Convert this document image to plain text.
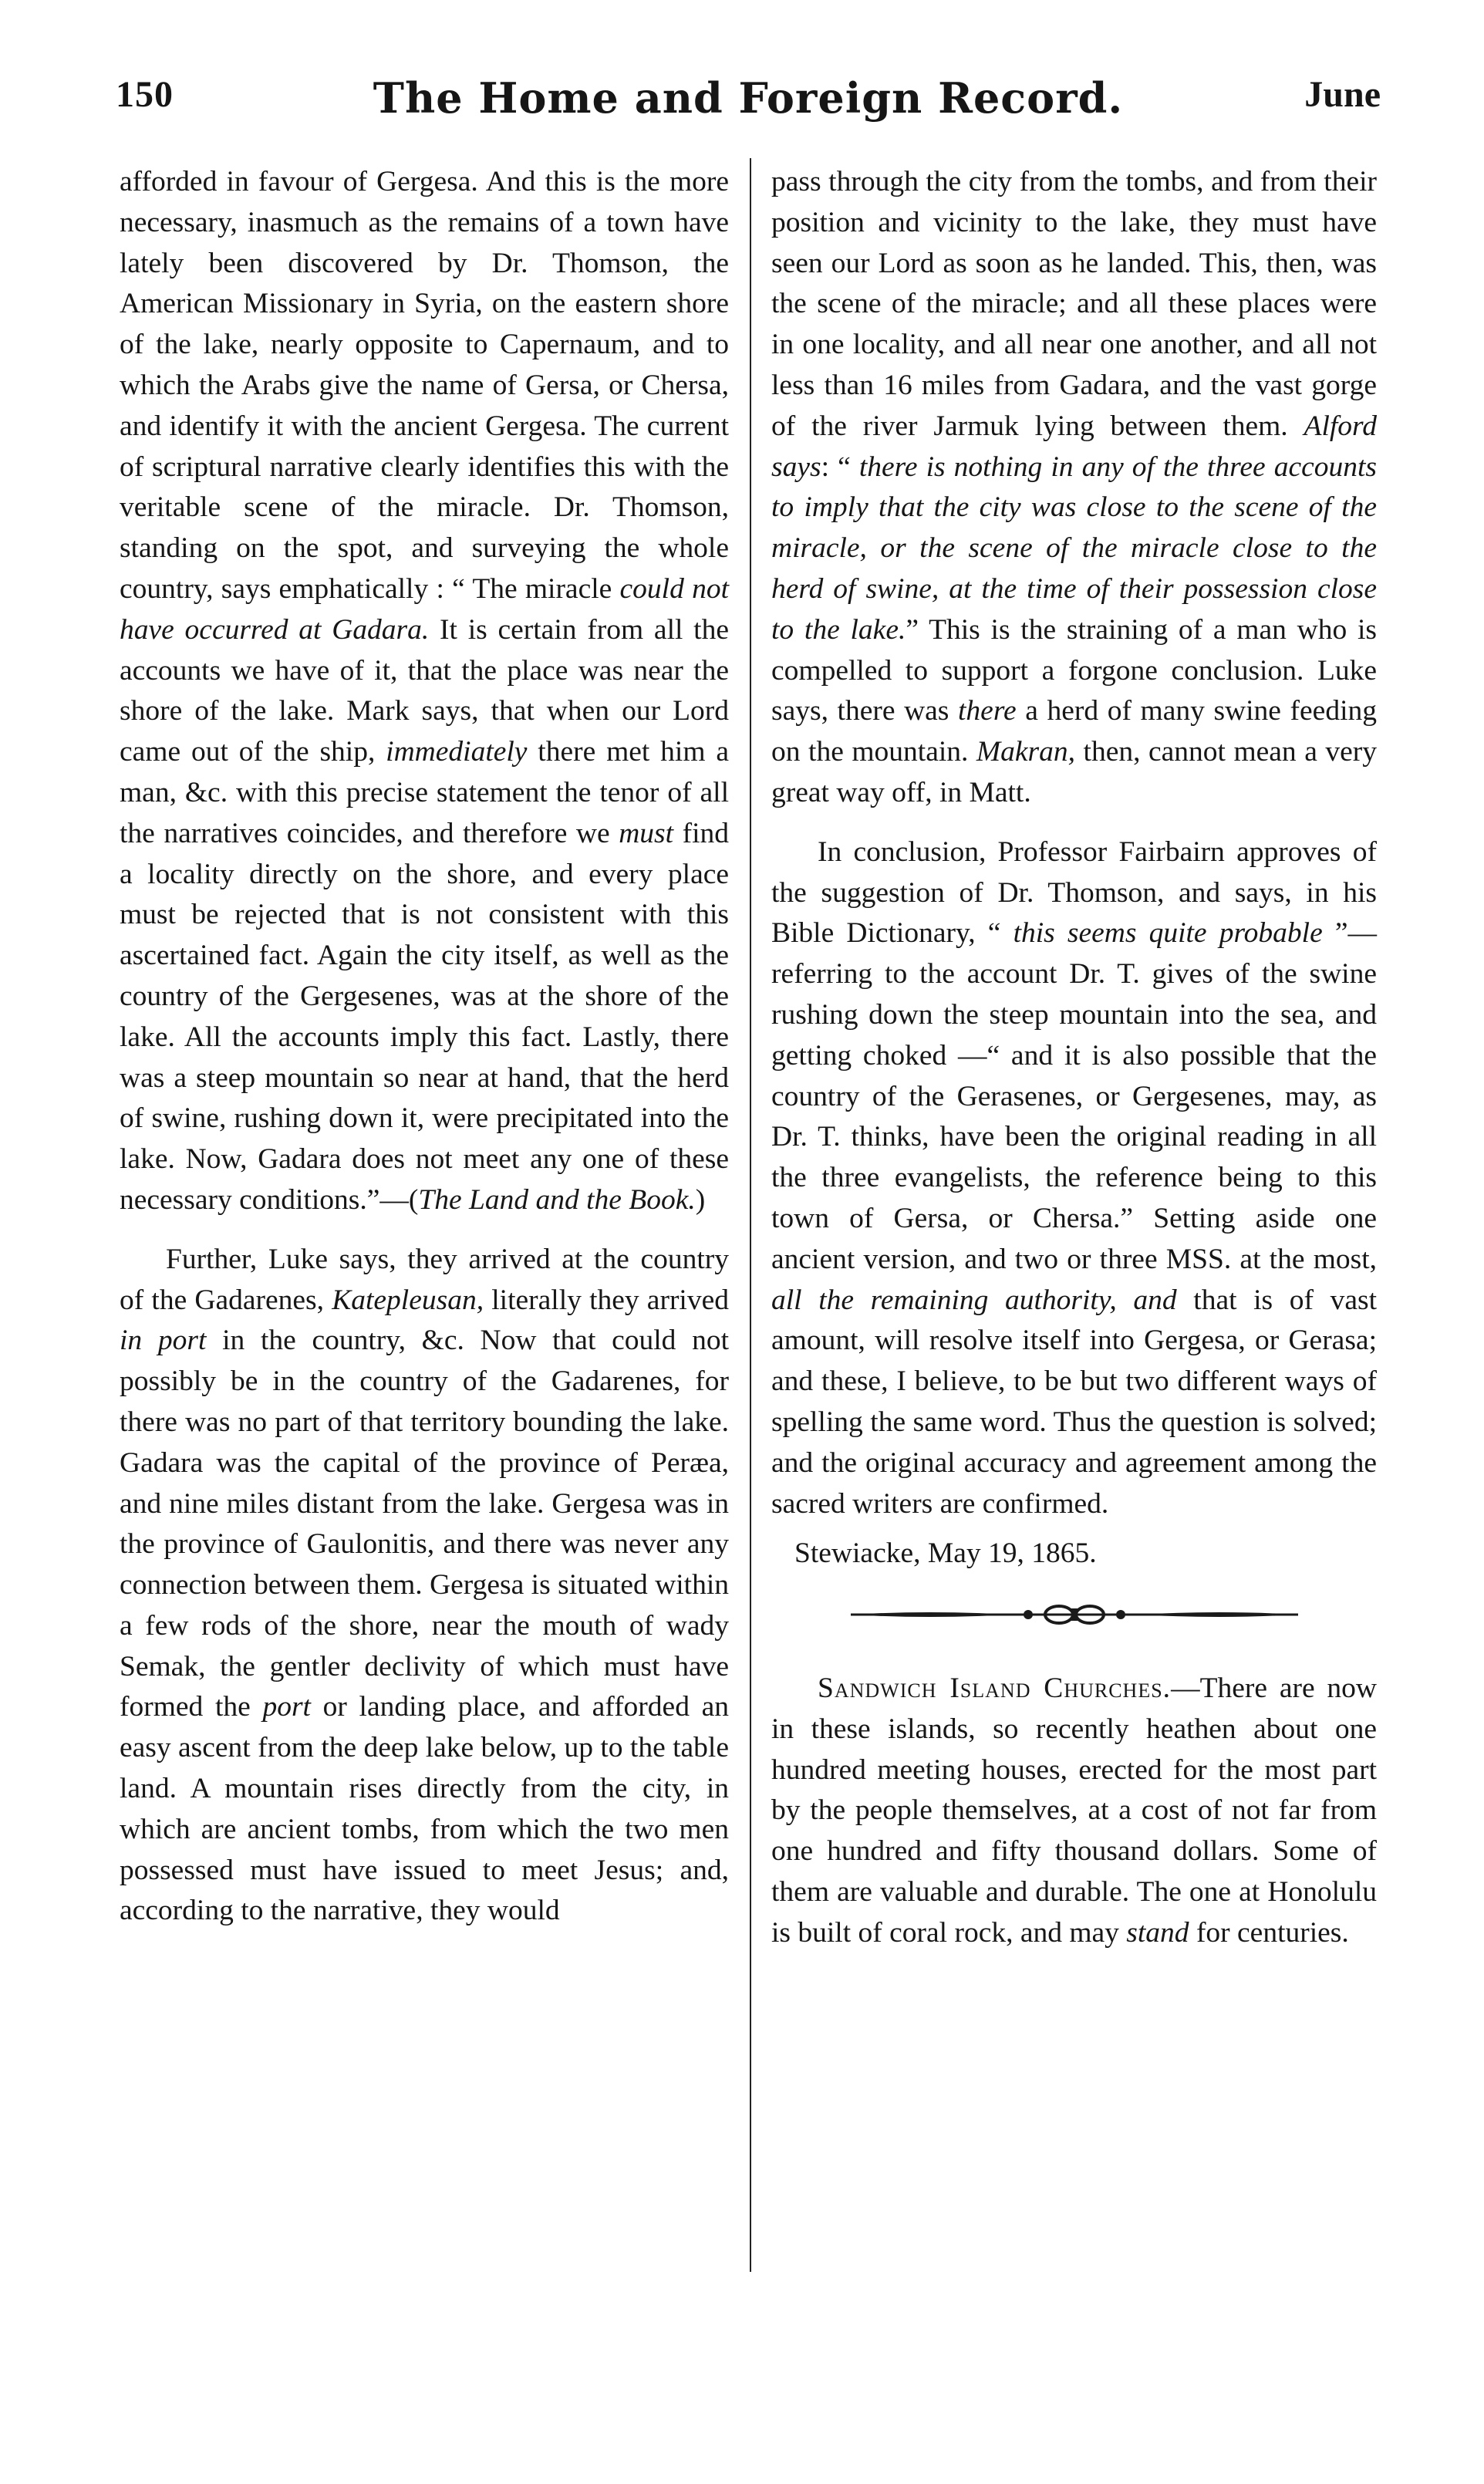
150	The Home and Foreign Record.	June

afforded in favour of Gergesa. And this is the more necessary, inasmuch as the remains of a town have lately been discovered by Dr. Thomson, the American Missionary in Syria, on the eastern shore of the lake, nearly opposite to Capernaum, and to which the Arabs give the name of Gersa, or Chersa, and identify it with the ancient Gergesa. The current of scriptural narrative clearly identifies this with the veritable scene of the miracle. Dr. Thomson, standing on the spot, and surveying the whole country, says emphatically : “ The miracle could not have occurred at Gadara. It is certain from all the accounts we have of it, that the place was near the shore of the lake. Mark says, that when our Lord came out of the ship, immediately there met him a man, &c. with this precise statement the tenor of all the narratives coincides, and therefore we must find a locality directly on the shore, and every place must be rejected that is not consistent with this ascertained fact. Again the city itself, as well as the country of the Gergesenes, was at the shore of the lake. All the accounts imply this fact. Lastly, there was a steep mountain so near at hand, that the herd of swine, rushing down it, were precipitated into the lake. Now, Gadara does not meet any one of these necessary conditions.”—(The Land and the Book.)

Further, Luke says, they arrived at the country of the Gadarenes, Katepleusan, literally they arrived in port in the country, &c. Now that could not possibly be in the country of the Gadarenes, for there was no part of that territory bounding the lake. Gadara was the capital of the province of Peræa, and nine miles distant from the lake. Gergesa was in the province of Gaulonitis, and there was never any connection between them. Gergesa is situated within a few rods of the shore, near the mouth of wady Semak, the gentler declivity of which must have formed the port or landing place, and afforded an easy ascent from the deep lake below, up to the table land. A mountain rises directly from the city, in which are ancient tombs, from which the two men possessed must have issued to meet Jesus; and, according to the narrative, they would

pass through the city from the tombs, and from their position and vicinity to the lake, they must have seen our Lord as soon as he landed. This, then, was the scene of the miracle; and all these places were in one locality, and all near one another, and all not less than 16 miles from Gadara, and the vast gorge of the river Jarmuk lying between them. Alford says: “ there is nothing in any of the three accounts to imply that the city was close to the scene of the miracle, or the scene of the miracle close to the herd of swine, at the time of their possession close to the lake.” This is the straining of a man who is compelled to support a forgone conclusion. Luke says, there was there a herd of many swine feeding on the mountain. Makran, then, cannot mean a very great way off, in Matt.

In conclusion, Professor Fairbairn approves of the suggestion of Dr. Thomson, and says, in his Bible Dictionary, “ this seems quite probable ”— referring to the account Dr. T. gives of the swine rushing down the steep mountain into the sea, and getting choked —“ and it is also possible that the country of the Gerasenes, or Gergesenes, may, as Dr. T. thinks, have been the original reading in all the three evangelists, the reference being to this town of Gersa, or Chersa.” Setting aside one ancient version, and two or three MSS. at the most, all the remaining authority, and that is of vast amount, will resolve itself into Gergesa, or Gerasa; and these, I believe, to be but two different ways of spelling the same word. Thus the question is solved; and the original accuracy and agreement among the sacred writers are confirmed.

Stewiacke, May 19, 1865.

Sandwich Island Churches.—There are now in these islands, so recently heathen about one hundred meeting houses, erected for the most part by the people themselves, at a cost of not far from one hundred and fifty thousand dollars. Some of them are valuable and durable. The one at Honolulu is built of coral rock, and may stand for centuries.
